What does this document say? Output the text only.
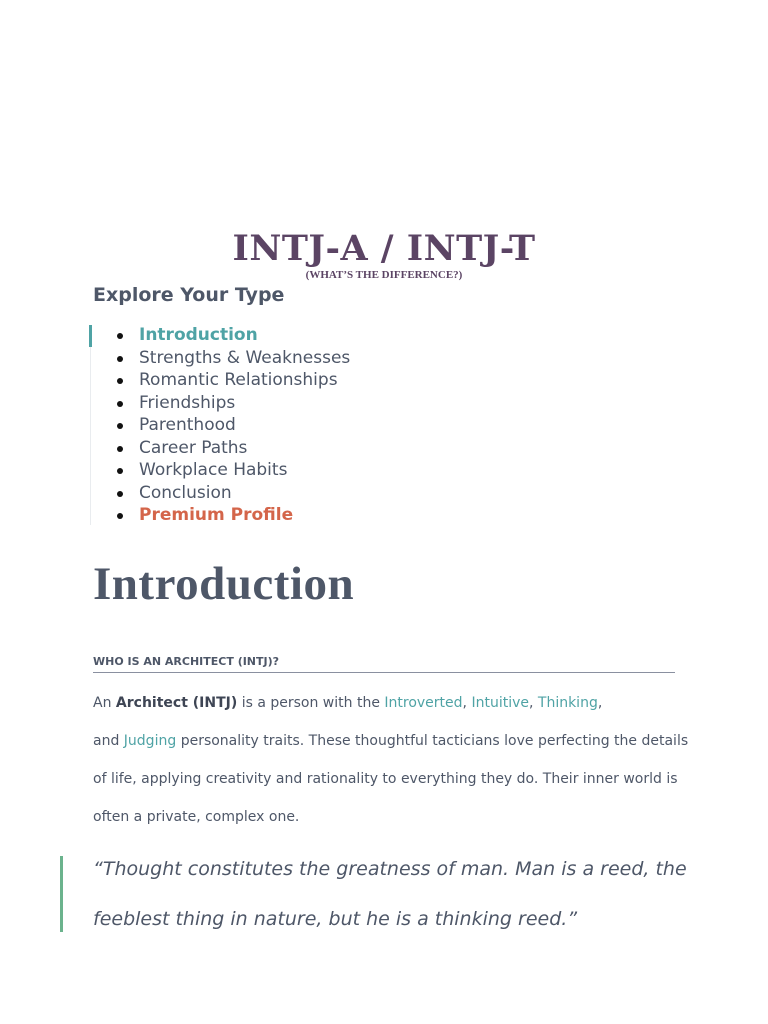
INTJ-A / INTJ-T
(WHAT’S THE DIFFERENCE?)
Explore Your Type
Introduction
Strengths & Weaknesses
Romantic Relationships
Friendships
Parenthood
Career Paths
Workplace Habits
Conclusion
Premium Profile
Introduction
WHO IS AN ARCHITECT (INTJ)?

An Architect (INTJ) is a person with the Introverted, Intuitive, Thinking,
and Judging personality traits. These thoughtful tacticians love perfecting the details
of life, applying creativity and rationality to everything they do. Their inner world is
often a private, complex one.

“Thought constitutes the greatness of man. Man is a reed, the
feeblest thing in nature, but he is a thinking reed.”
